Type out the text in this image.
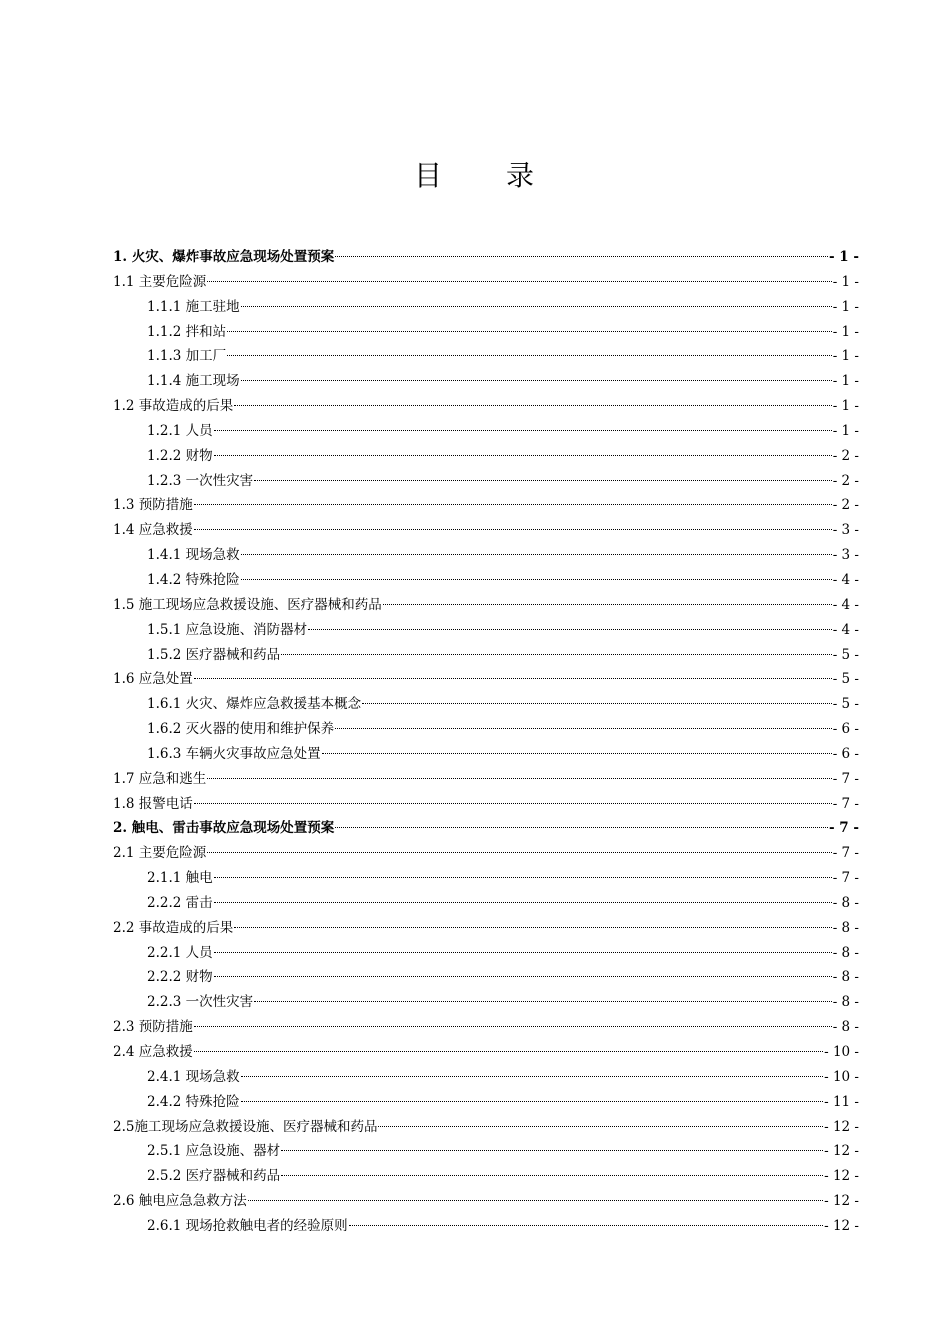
目 录
1. 火灾、爆炸事故应急现场处置预案	- 1 -
1.1 主要危险源	- 1 -
1.1.1 施工驻地	- 1 -
1.1.2 拌和站	- 1 -
1.1.3 加工厂	- 1 -
1.1.4 施工现场	- 1 -
1.2 事故造成的后果	- 1 -
1.2.1 人员	- 1 -
1.2.2 财物	- 2 -
1.2.3 一次性灾害	- 2 -
1.3 预防措施	- 2 -
1.4 应急救援	- 3 -
1.4.1 现场急救	- 3 -
1.4.2 特殊抢险	- 4 -
1.5 施工现场应急救援设施、医疗器械和药品	- 4 -
1.5.1 应急设施、消防器材	- 4 -
1.5.2 医疗器械和药品	- 5 -
1.6 应急处置	- 5 -
1.6.1 火灾、爆炸应急救援基本概念	- 5 -
1.6.2 灭火器的使用和维护保养	- 6 -
1.6.3 车辆火灾事故应急处置	- 6 -
1.7 应急和逃生	- 7 -
1.8 报警电话	- 7 -
2. 触电、雷击事故应急现场处置预案	- 7 -
2.1 主要危险源	- 7 -
2.1.1 触电	- 7 -
2.2.2 雷击	- 8 -
2.2 事故造成的后果	- 8 -
2.2.1 人员	- 8 -
2.2.2 财物	- 8 -
2.2.3 一次性灾害	- 8 -
2.3 预防措施	- 8 -
2.4 应急救援	- 10 -
2.4.1 现场急救	- 10 -
2.4.2 特殊抢险	- 11 -
2.5施工现场应急救援设施、医疗器械和药品	- 12 -
2.5.1 应急设施、器材	- 12 -
2.5.2 医疗器械和药品	- 12 -
2.6 触电应急急救方法	- 12 -
2.6.1 现场抢救触电者的经验原则	- 12 -
